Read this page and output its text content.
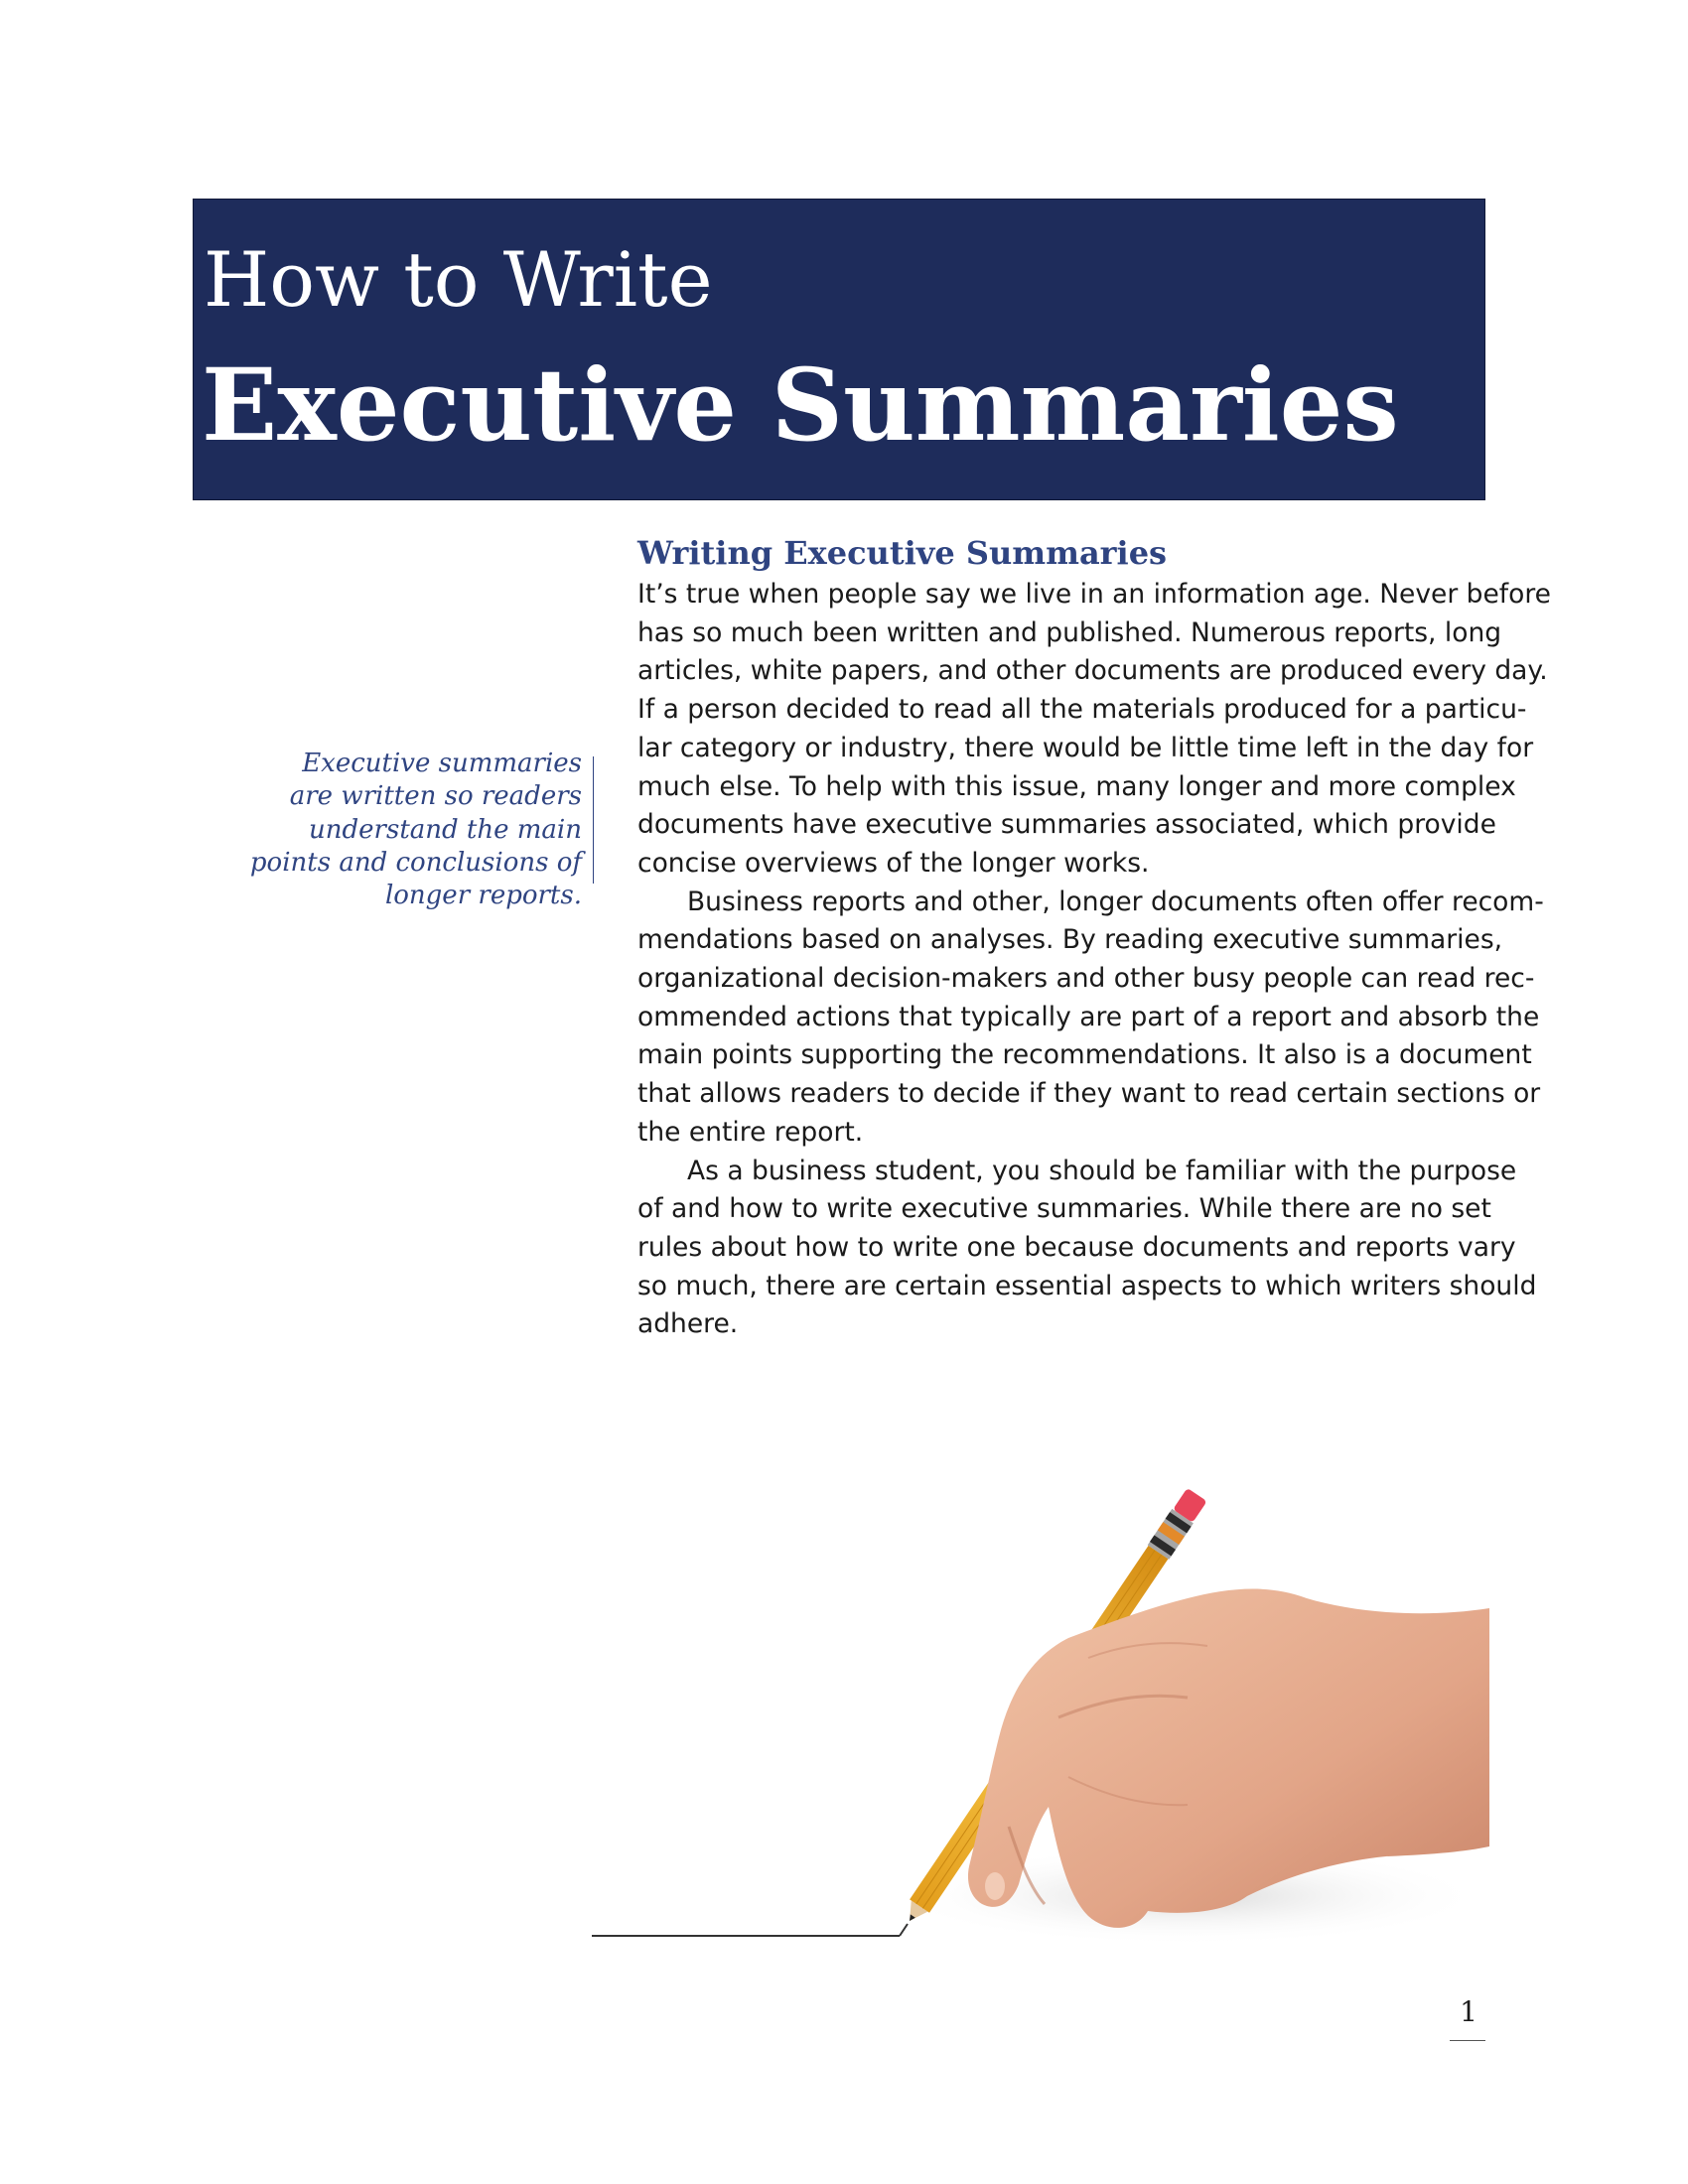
How to Write
Executive Summaries
Writing Executive Summaries
It’s true when people say we live in an information age. Never before
has so much been written and published. Numerous reports, long
articles, white papers, and other documents are produced every day.
If a person decided to read all the materials produced for a particu-
lar category or industry, there would be little time left in the day for
much else. To help with this issue, many longer and more complex
documents have executive summaries associated, which provide
concise overviews of the longer works.
Business reports and other, longer documents often offer recom-
mendations based on analyses. By reading executive summaries,
organizational decision-makers and other busy people can read rec-
ommended actions that typically are part of a report and absorb the
main points supporting the recommendations. It also is a document
that allows readers to decide if they want to read certain sections or
the entire report.
As a business student, you should be familiar with the purpose
of and how to write executive summaries. While there are no set
rules about how to write one because documents and reports vary
so much, there are certain essential aspects to which writers should
adhere.
Executive summaries
are written so readers
understand the main
points and conclusions of
longer reports.
1
